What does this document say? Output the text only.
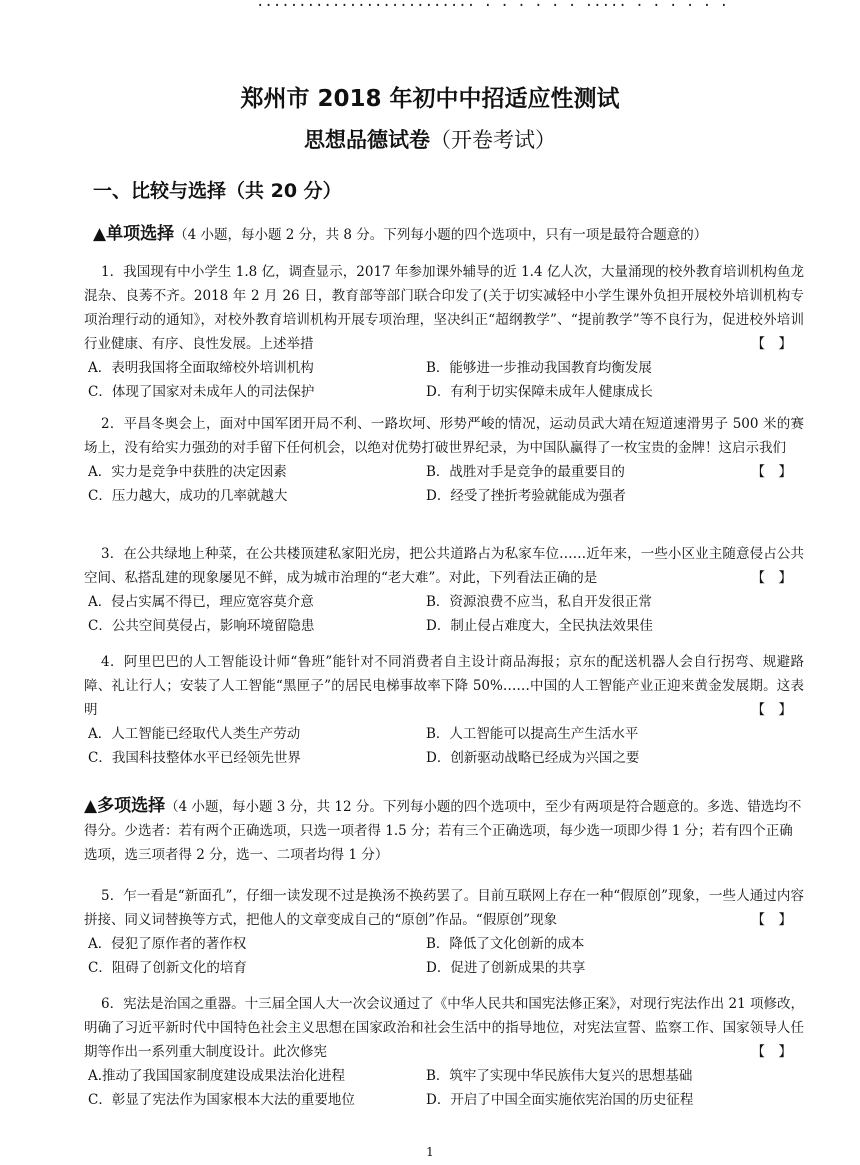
·························· · · · · · · ····· · · · · · ·
郑州市 2018 年初中中招适应性测试
思想品德试卷（开卷考试）
一、比较与选择（共 20 分）
▲单项选择（4 小题，每小题 2 分，共 8 分。下列每小题的四个选项中，只有一项是最符合题意的）
1．我国现有中小学生 1.8 亿，调查显示，2017 年参加课外辅导的近 1.4 亿人次，大量涌现的校外教育培训机构鱼龙混杂、良莠不齐。2018 年 2 月 26 日，教育部等部门联合印发了(关于切实减轻中小学生课外负担开展校外培训机构专项治理行动的通知》，对校外教育培训机构开展专项治理，坚决纠正“超纲教学”、“提前教学”等不良行为，促进校外培训行业健康、有序、良性发展。上述举措	【　】
A．表明我国将全面取缔校外培训机构	B．能够进一步推动我国教育均衡发展
C．体现了国家对未成年人的司法保护	D．有利于切实保障未成年人健康成长
2．平昌冬奥会上，面对中国军团开局不利、一路坎坷、形势严峻的情况，运动员武大靖在短道速滑男子 500 米的赛场上，没有给实力强劲的对手留下任何机会，以绝对优势打破世界纪录，为中国队赢得了一枚宝贵的金牌！这启示我们
【　】
A．实力是竞争中获胜的决定因素	B．战胜对手是竞争的最重要目的
C．压力越大，成功的几率就越大	D．经受了挫折考验就能成为强者
3．在公共绿地上种菜，在公共楼顶建私家阳光房，把公共道路占为私家车位……近年来，一些小区业主随意侵占公共空间、私搭乱建的现象屡见不鲜，成为城市治理的“老大难”。对此，下列看法正确的是	【　】
A．侵占实属不得已，理应宽容莫介意	B．资源浪费不应当，私自开发很正常
C．公共空间莫侵占，影响环境留隐患	D．制止侵占难度大，全民执法效果佳
4．阿里巴巴的人工智能设计师“鲁班”能针对不同消费者自主设计商品海报；京东的配送机器人会自行拐弯、规避路障、礼让行人；安装了人工智能“黑匣子”的居民电梯事故率下降 50%……中国的人工智能产业正迎来黄金发展期。这表明	【　】
A．人工智能已经取代人类生产劳动	B．人工智能可以提高生产生活水平
C．我国科技整体水平已经领先世界	D．创新驱动战略已经成为兴国之要
▲多项选择（4 小题，每小题 3 分，共 12 分。下列每小题的四个选项中，至少有两项是符合题意的。多选、错选均不得分。少选者：若有两个正确选项，只选一项者得 1.5 分；若有三个正确选项，每少选一项即少得 1 分；若有四个正确选项，选三项者得 2 分，选一、二项者均得 1 分）
5．乍一看是“新面孔”，仔细一读发现不过是换汤不换药罢了。目前互联网上存在一种“假原创”现象，一些人通过内容拼接、同义词替换等方式，把他人的文章变成自己的“原创”作品。“假原创”现象	【　】
A．侵犯了原作者的著作权	B．降低了文化创新的成本
C．阻碍了创新文化的培育	D．促进了创新成果的共享
6．宪法是治国之重器。十三届全国人大一次会议通过了《中华人民共和国宪法修正案》，对现行宪法作出 21 项修改，明确了习近平新时代中国特色社会主义思想在国家政治和社会生活中的指导地位，对宪法宣誓、监察工作、国家领导人任期等作出一系列重大制度设计。此次修宪	【　】
A.推动了我国国家制度建设成果法治化进程	B．筑牢了实现中华民族伟大复兴的思想基础
C．彰显了宪法作为国家根本大法的重要地位	D．开启了中国全面实施依宪治国的历史征程
1
